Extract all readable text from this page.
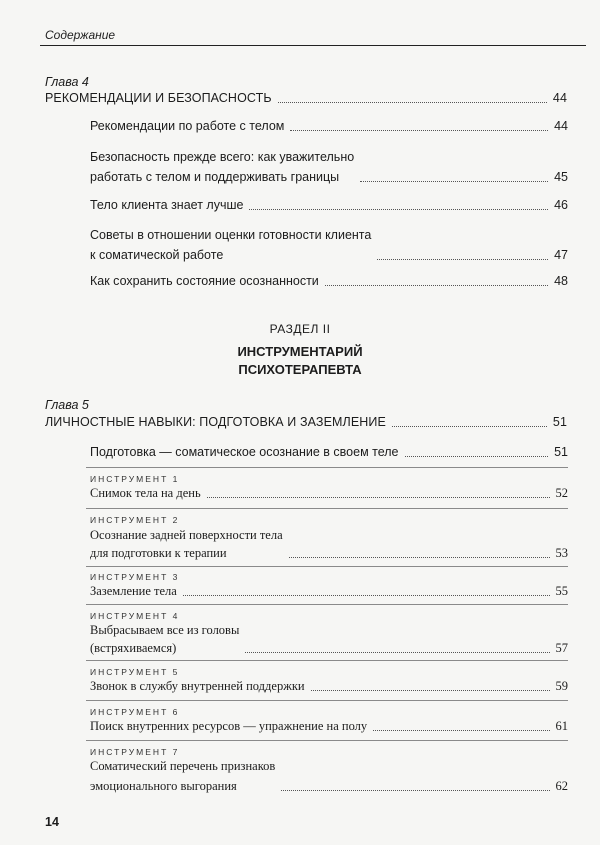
Содержание
Глава 4
РЕКОМЕНДАЦИИ И БЕЗОПАСНОСТЬ	44
Рекомендации по работе с телом	44
Безопасность прежде всего: как уважительно
работать с телом и поддерживать границы	45
Тело клиента знает лучше	46
Советы в отношении оценки готовности клиента
к соматической работе	47
Как сохранить состояние осознанности	48
РАЗДЕЛ II
ИНСТРУМЕНТАРИЙ
ПСИХОТЕРАПЕВТА
Глава 5
ЛИЧНОСТНЫЕ НАВЫКИ: ПОДГОТОВКА И ЗАЗЕМЛЕНИЕ	51
Подготовка — соматическое осознание в своем теле	51
ИНСТРУМЕНТ 1
Снимок тела на день	52
ИНСТРУМЕНТ 2
Осознание задней поверхности тела
для подготовки к терапии	53
ИНСТРУМЕНТ 3
Заземление тела	55
ИНСТРУМЕНТ 4
Выбрасываем все из головы
(встряхиваемся)	57
ИНСТРУМЕНТ 5
Звонок в службу внутренней поддержки	59
ИНСТРУМЕНТ 6
Поиск внутренних ресурсов — упражнение на полу	61
ИНСТРУМЕНТ 7
Соматический перечень признаков
эмоционального выгорания	62
14
